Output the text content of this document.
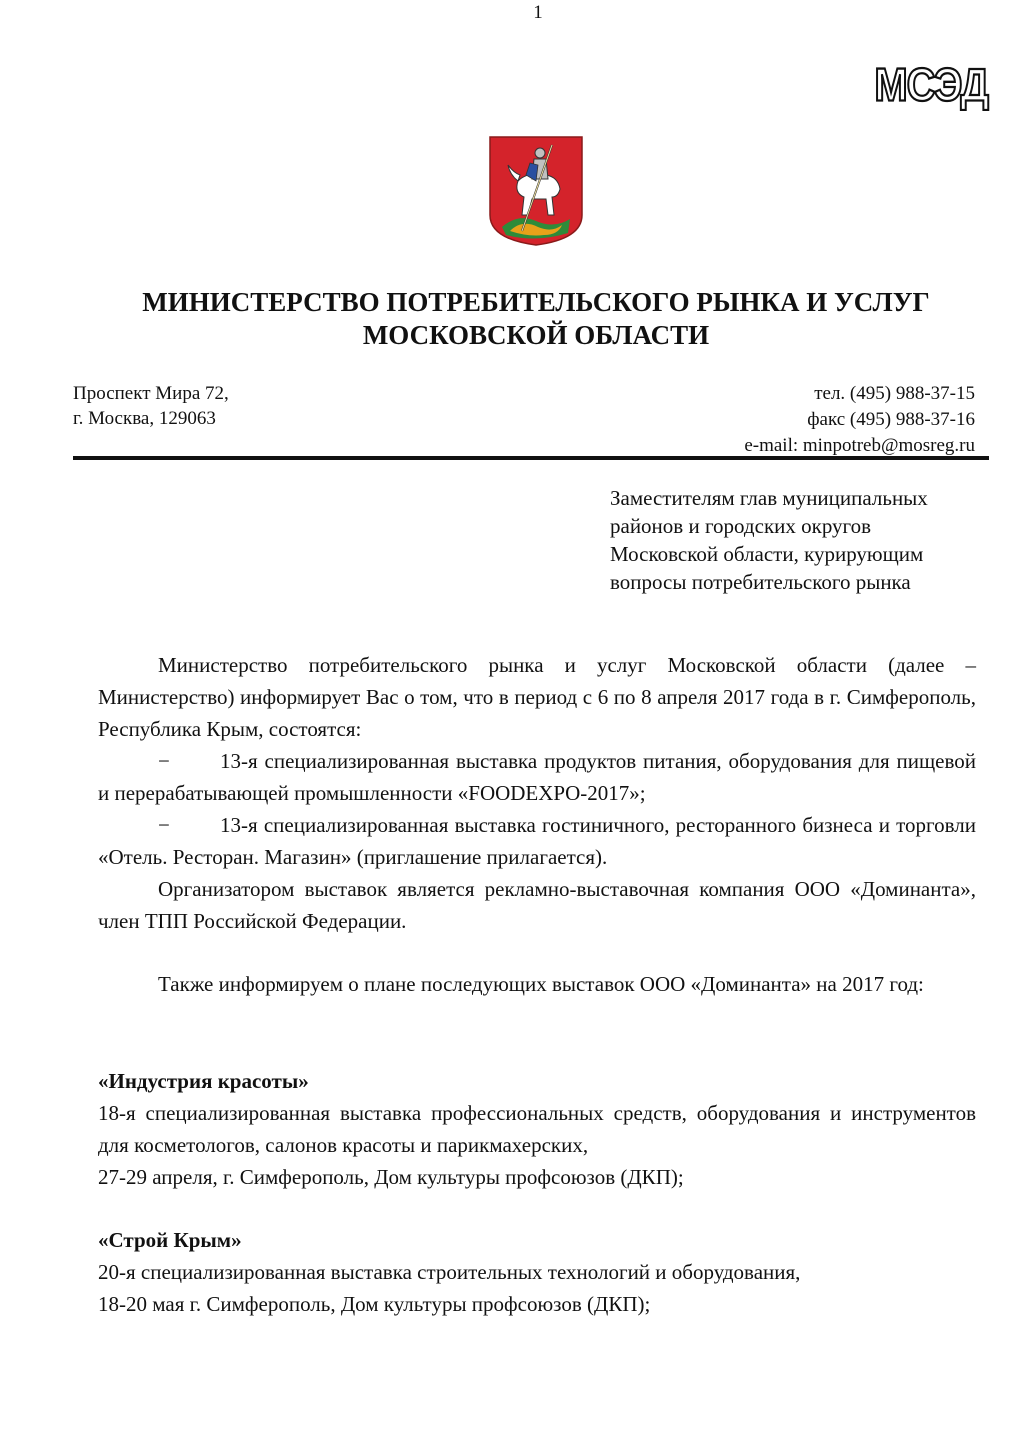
1
МСЭД
МИНИСТЕРСТВО ПОТРЕБИТЕЛЬСКОГО РЫНКА И УСЛУГ
МОСКОВСКОЙ ОБЛАСТИ
Проспект Мира 72,
г. Москва, 129063
тел. (495) 988-37-15
факс (495) 988-37-16
e-mail: minpotreb@mosreg.ru
Заместителям глав муниципальных
районов и городских округов
Московской области, курирующим
вопросы потребительского рынка

Министерство потребительского рынка и услуг Московской области (далее – Министерство) информирует Вас о том, что в период с 6 по 8 апреля 2017 года в г. Симферополь, Республика Крым, состоятся:

− 13-я специализированная выставка продуктов питания, оборудования для пищевой и перерабатывающей промышленности «FOODEXPO-2017»;

− 13-я специализированная выставка гостиничного, ресторанного бизнеса и торговли «Отель. Ресторан. Магазин» (приглашение прилагается).

Организатором выставок является рекламно-выставочная компания ООО «Доминанта», член ТПП Российской Федерации.

Также информируем о плане последующих выставок ООО «Доминанта» на 2017 год:

«Индустрия красоты»

18-я специализированная выставка профессиональных средств, оборудования и инструментов для косметологов, салонов красоты и парикмахерских,

27-29 апреля, г. Симферополь, Дом культуры профсоюзов (ДКП);

«Строй Крым»

20-я специализированная выставка строительных технологий и оборудования,

18-20 мая г. Симферополь, Дом культуры профсоюзов (ДКП);
